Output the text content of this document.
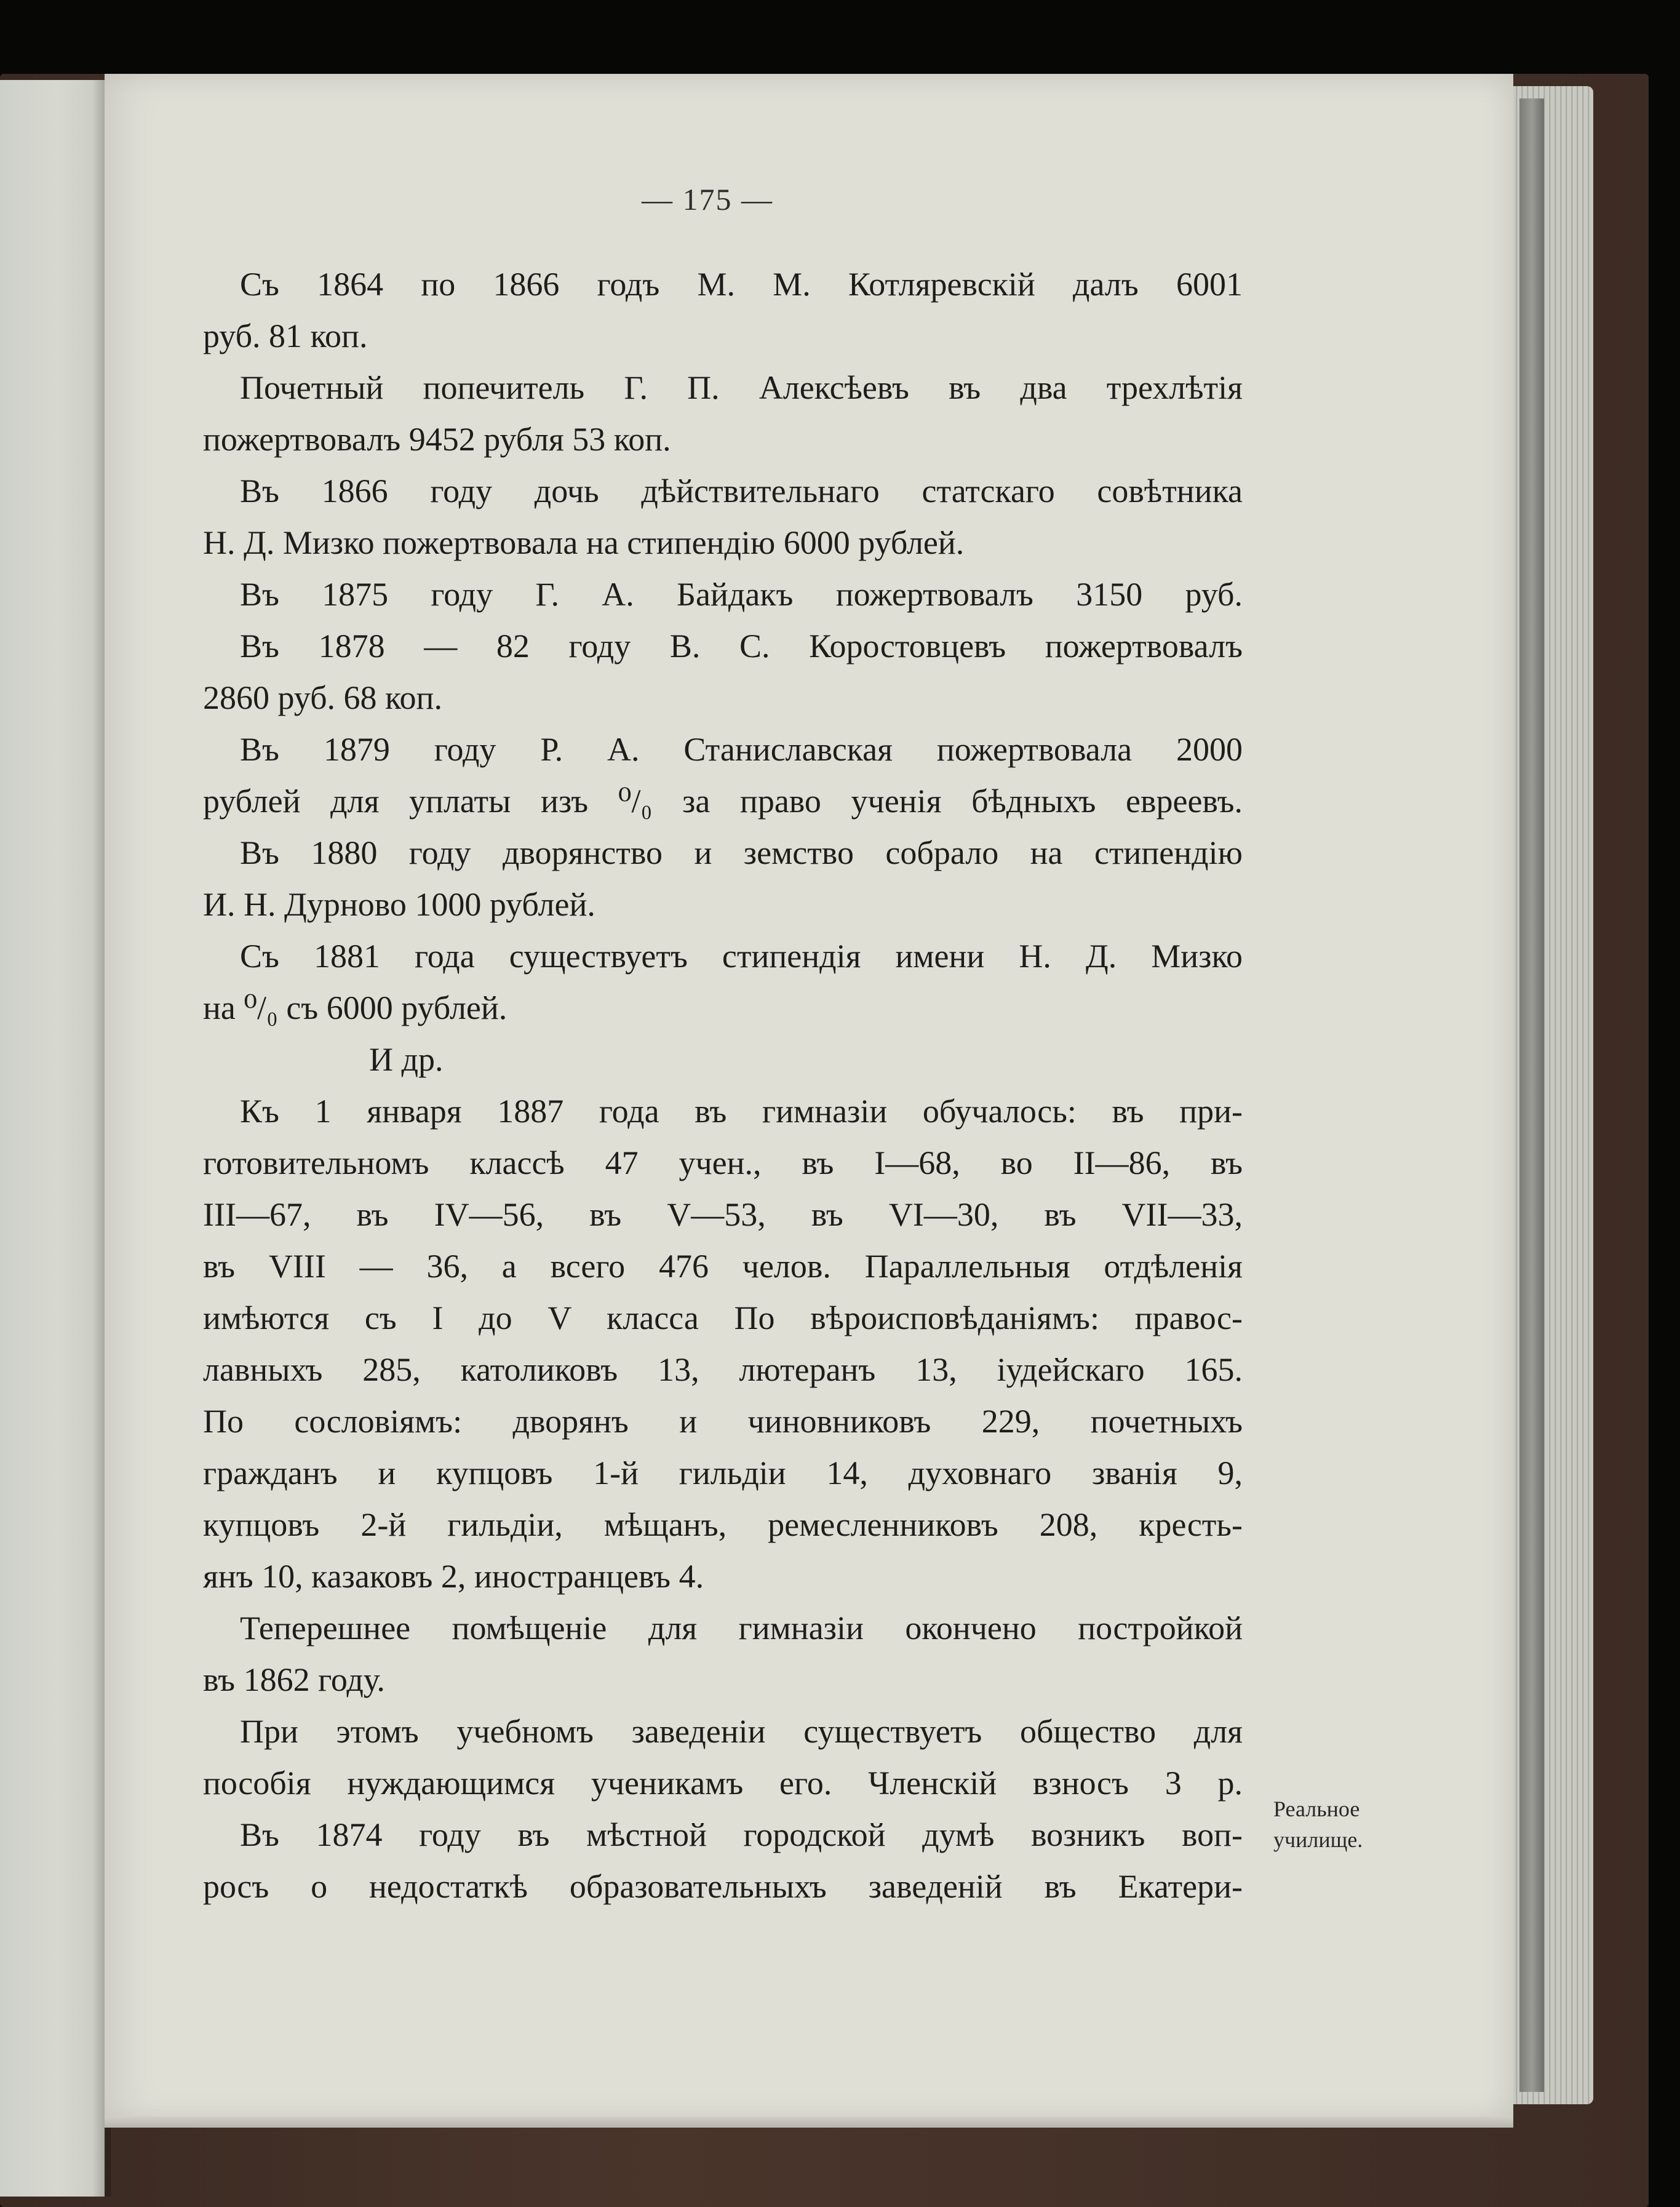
— 175 —
Съ 1864 по 1866 годъ М. М. Котляревскій далъ 6001
руб. 81 коп.
Почетный попечитель Г. П. Алексѣевъ въ два трехлѣтія
пожертвовалъ 9452 рубля 53 коп.
Въ 1866 году дочь дѣйствительнаго статскаго совѣтника
Н. Д. Мизко пожертвовала на стипендію 6000 рублей.
Въ 1875 году Г. А. Байдакъ пожертвовалъ 3150 руб.
Въ 1878 — 82 году В. С. Коростовцевъ пожертвовалъ
2860 руб. 68 коп.
Въ 1879 году Р. А. Станиславская пожертвовала 2000
рублей для уплаты изъ ⁰/₀ за право ученія бѣдныхъ евреевъ.
Въ 1880 году дворянство и земство собрало на стипендію
И. Н. Дурново 1000 рублей.
Съ 1881 года существуетъ стипендія имени Н. Д. Мизко
на ⁰/₀ съ 6000 рублей.
И др.
Къ 1 января 1887 года въ гимназіи обучалось: въ при-
готовительномъ классѣ 47 учен., въ I—68, во II—86, въ
III—67, въ IV—56, въ V—53, въ VI—30, въ VII—33,
въ VIII — 36, а всего 476 челов. Параллельныя отдѣленія
имѣются съ I до V класса По вѣроисповѣданіямъ: правос-
лавныхъ 285, католиковъ 13, лютеранъ 13, іудейскаго 165.
По сословіямъ: дворянъ и чиновниковъ 229, почетныхъ
гражданъ и купцовъ 1-й гильдіи 14, духовнаго званія 9,
купцовъ 2-й гильдіи, мѣщанъ, ремесленниковъ 208, кресть-
янъ 10, казаковъ 2, иностранцевъ 4.
Теперешнее помѣщеніе для гимназіи окончено постройкой
въ 1862 году.
При этомъ учебномъ заведеніи существуетъ общество для
пособія нуждающимся ученикамъ его. Членскій взносъ 3 р.
Въ 1874 году въ мѣстной городской думѣ возникъ воп-
росъ о недостаткѣ образовательныхъ заведеній въ Екатери-
Реальное
училище.
